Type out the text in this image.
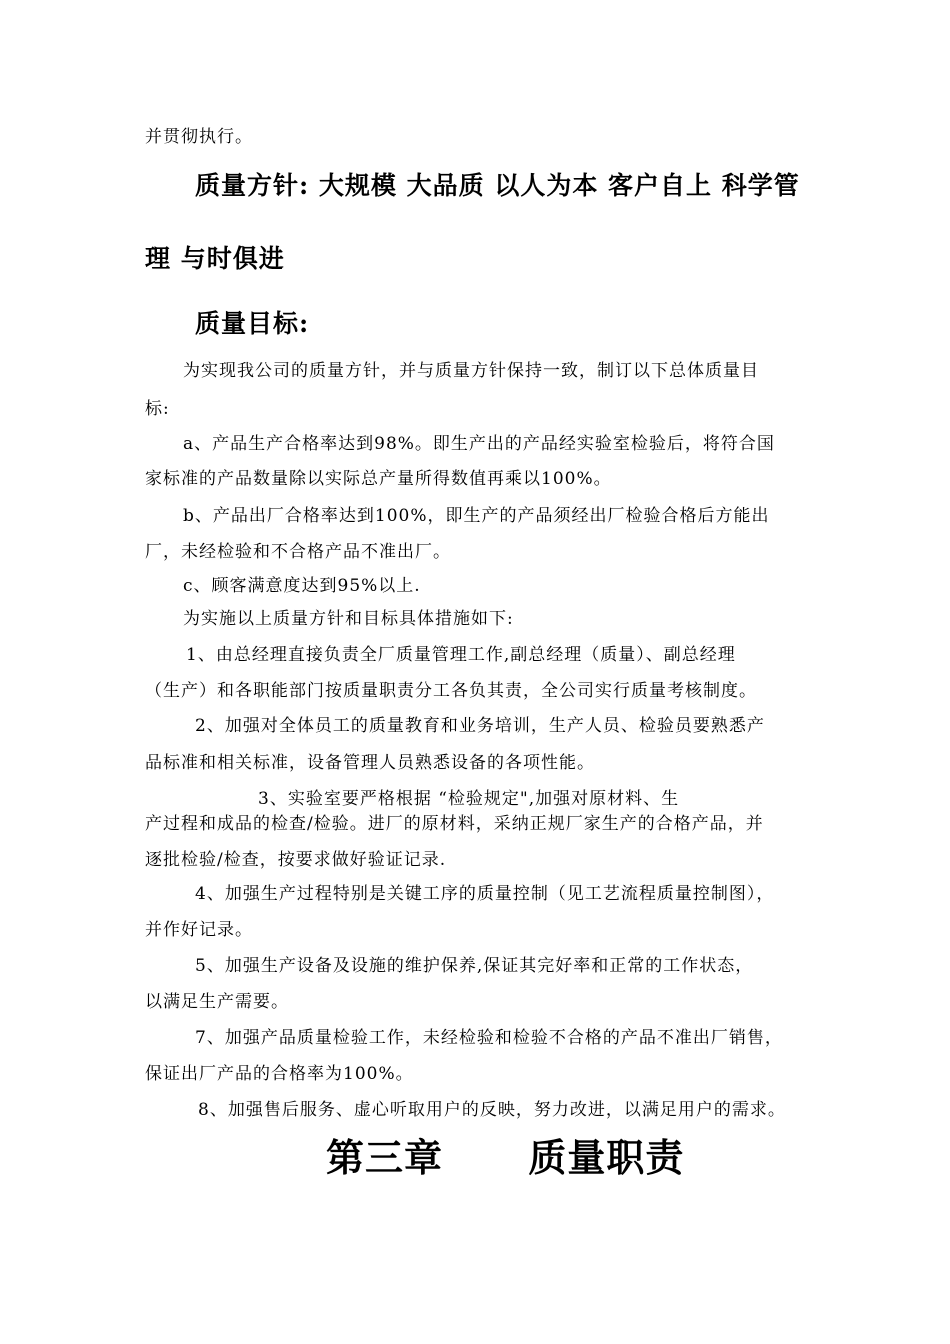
并贯彻执行。
质量方针: 大规模 大品质 以人为本 客户自上 科学管
理 与时俱进
质量目标:
为实现我公司的质量方针，并与质量方针保持一致，制订以下总体质量目
标:
a、产品生产合格率达到98%。即生产出的产品经实验室检验后，将符合国
家标准的产品数量除以实际总产量所得数值再乘以100%。
b、产品出厂合格率达到100%，即生产的产品须经出厂检验合格后方能出
厂，未经检验和不合格产品不准出厂。
c、顾客满意度达到95%以上.
为实施以上质量方针和目标具体措施如下:
1、由总经理直接负责全厂质量管理工作,副总经理（质量）、副总经理
（生产）和各职能部门按质量职责分工各负其责，全公司实行质量考核制度。
2、加强对全体员工的质量教育和业务培训，生产人员、检验员要熟悉产
品标准和相关标准，设备管理人员熟悉设备的各项性能。
3、实验室要严格根据 “检验规定",加强对原材料、生
产过程和成品的检查/检验。进厂的原材料，采纳正规厂家生产的合格产品，并
逐批检验/检查，按要求做好验证记录.
4、加强生产过程特别是关键工序的质量控制（见工艺流程质量控制图），
并作好记录。
5、加强生产设备及设施的维护保养,保证其完好率和正常的工作状态，
以满足生产需要。
7、加强产品质量检验工作，未经检验和检验不合格的产品不准出厂销售，
保证出厂产品的合格率为100%。
8、加强售后服务、虚心听取用户的反映，努力改进，以满足用户的需求。
第三章      质量职责
